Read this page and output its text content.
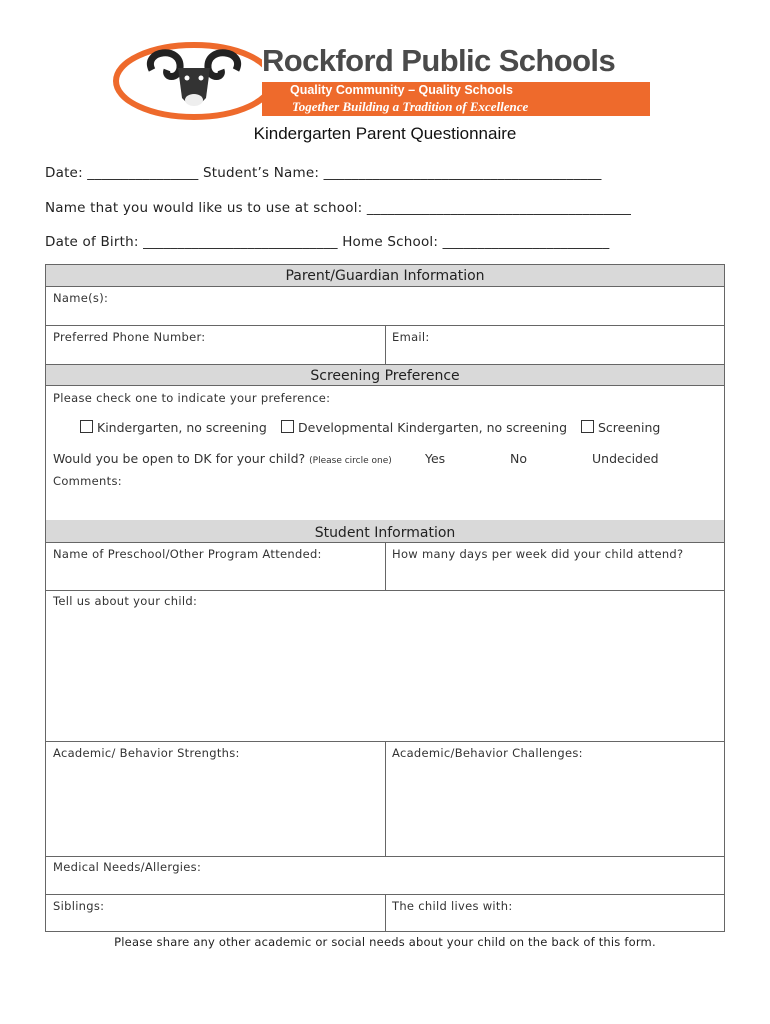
Rockford Public Schools
Quality Community – Quality Schools
Together Building a Tradition of Excellence
Kindergarten Parent Questionnaire
Date: ________________ Student’s Name: ________________________________________
Name that you would like us to use at school: ______________________________________
Date of Birth: ____________________________ Home School: ________________________
Parent/Guardian Information
Name(s):
Preferred Phone Number:	Email:
Screening Preference
Please check one to indicate your preference:
Kindergarten, no screening	Developmental Kindergarten, no screening	Screening
Would you be open to DK for your child? (Please circle one)	Yes	No	Undecided
Comments:
Student Information
Name of Preschool/Other Program Attended:	How many days per week did your child attend?
Tell us about your child:
Academic/ Behavior Strengths:	Academic/Behavior Challenges:
Medical Needs/Allergies:
Siblings:	The child lives with:
Please share any other academic or social needs about your child on the back of this form.
